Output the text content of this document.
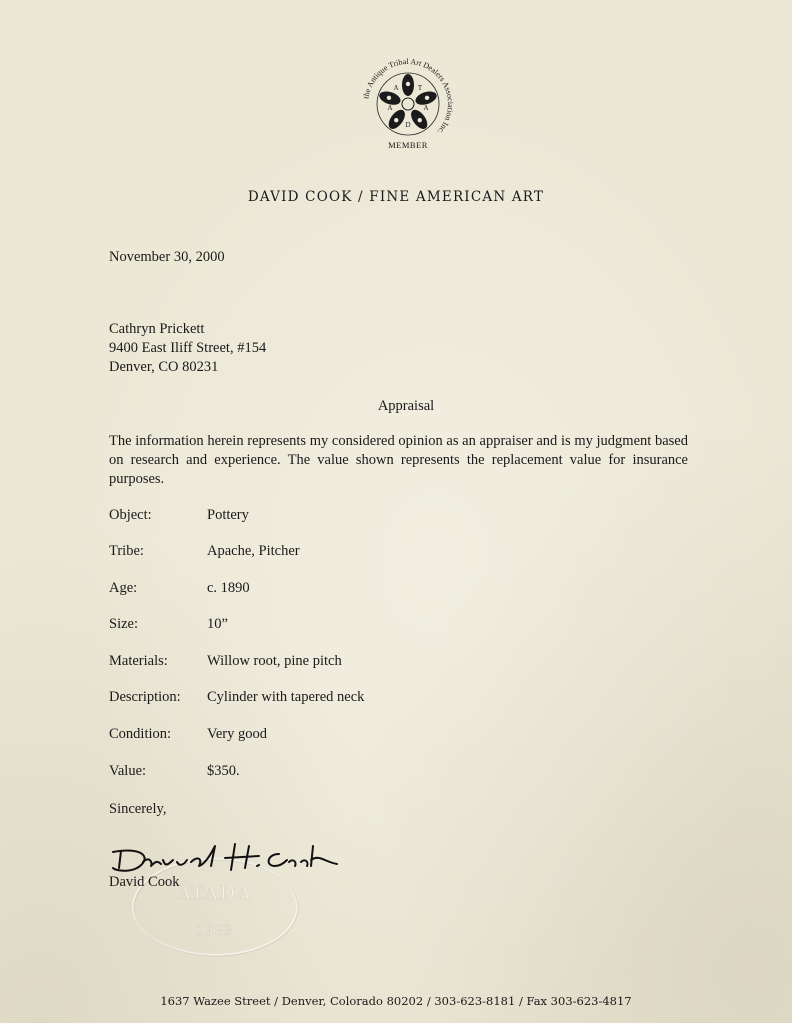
the Antique Tribal Art Dealers Association Inc.
A	T
A
D
A
MEMBER
DAVID COOK / FINE AMERICAN ART
November 30, 2000
Cathryn Prickett
9400 East Iliff Street, #154
Denver, CO 80231
Appraisal
The information herein represents my considered opinion as an appraiser and is my judgment based on research and experience. The value shown represents the replacement value for insurance purposes.
Object:	Pottery
Tribe:	Apache, Pitcher
Age:	c. 1890
Size:	10”
Materials:	Willow root, pine pitch
Description: Cylinder with tapered neck
Condition: Very good
Value:	$350.
Sincerely,
ATADA
1983
David Cook
1637 Wazee Street / Denver, Colorado 80202 / 303-623-8181 / Fax 303-623-4817
